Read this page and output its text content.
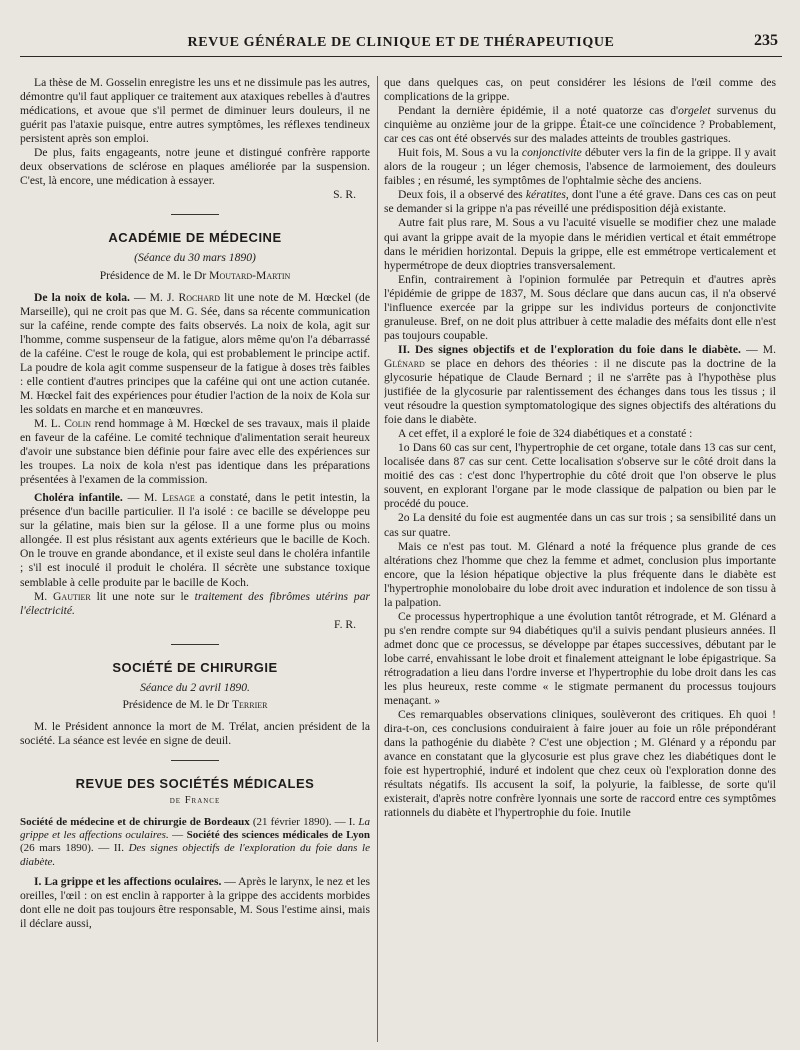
REVUE GÉNÉRALE DE CLINIQUE ET DE THÉRAPEUTIQUE	235

La thèse de M. Gosselin enregistre les uns et ne dissimule pas les autres, démontre qu'il faut appliquer ce traitement aux ataxiques rebelles à d'autres médications, et avoue que s'il permet de diminuer leurs douleurs, il ne guérit pas l'ataxie puisque, entre autres symptômes, les réflexes tendineux persistent après son emploi.

De plus, faits engageants, notre jeune et distingué confrère rapporte deux observations de sclérose en plaques améliorée par la suspension. C'est, là encore, une médication à essayer.

S. R.

ACADÉMIE DE MÉDECINE
(Séance du 30 mars 1890)
Présidence de M. le Dr Moutard-Martin

De la noix de kola. — M. J. Rochard lit une note de M. Hœckel (de Marseille), qui ne croit pas que M. G. Sée, dans sa récente communication sur la caféine, rende compte des faits observés. La noix de kola, agit sur l'homme, comme suspenseur de la fatigue, alors même qu'on l'a débarrassé de la caféine. C'est le rouge de kola, qui est probablement le principe actif. La poudre de kola agit comme suspenseur de la fatigue à doses très faibles : elle contient d'autres principes que la caféine qui ont une action cutanée. M. Hœckel fait des expériences pour étudier l'action de la noix de Kola sur les soldats en marche et en manœuvres.

M. L. Colin rend hommage à M. Hœckel de ses travaux, mais il plaide en faveur de la caféine. Le comité technique d'alimentation serait heureux d'avoir une substance bien définie pour faire avec elle des expériences sur les troupes. La noix de kola n'est pas identique dans les préparations présentées à l'examen de la commission.

Choléra infantile. — M. Lesage a constaté, dans le petit intestin, la présence d'un bacille particulier. Il l'a isolé : ce bacille se développe peu sur la gélatine, mais bien sur la gélose. Il a une forme plus ou moins allongée. Il est plus résistant aux agents extérieurs que le bacille de Koch. On le trouve en grande abondance, et il existe seul dans le choléra infantile ; s'il est inoculé il produit le choléra. Il sécrète une substance toxique semblable à celle produite par le bacille de Koch.

M. Gautier lit une note sur le traitement des fibrômes utérins par l'électricité.

F. R.

SOCIÉTÉ DE CHIRURGIE
Séance du 2 avril 1890.
Présidence de M. le Dr Terrier

M. le Président annonce la mort de M. Trélat, ancien président de la société. La séance est levée en signe de deuil.

REVUE DES SOCIÉTÉS MÉDICALES
de France

Société de médecine et de chirurgie de Bordeaux (21 février 1890). — I. La grippe et les affections oculaires. — Société des sciences médicales de Lyon (26 mars 1890). — II. Des signes objectifs de l'exploration du foie dans le diabète.

I. La grippe et les affections oculaires. — Après le larynx, le nez et les oreilles, l'œil : on est enclin à rapporter à la grippe des accidents morbides dont elle ne doit pas toujours être responsable, M. Sous l'estime ainsi, mais il déclare aussi,

que dans quelques cas, on peut considérer les lésions de l'œil comme des complications de la grippe.

Pendant la dernière épidémie, il a noté quatorze cas d'orgelet survenus du cinquième au onzième jour de la grippe. Était-ce une coïncidence ? Probablement, car ces cas ont été observés sur des malades atteints de troubles gastriques.

Huit fois, M. Sous a vu la conjonctivite débuter vers la fin de la grippe. Il y avait alors de la rougeur ; un léger chemosis, l'absence de larmoiement, des douleurs faibles ; en résumé, les symptômes de l'ophtalmie sèche des anciens.

Deux fois, il a observé des kératites, dont l'une a été grave. Dans ces cas on peut se demander si la grippe n'a pas réveillé une prédisposition déjà existante.

Autre fait plus rare, M. Sous a vu l'acuité visuelle se modifier chez une malade qui avant la grippe avait de la myopie dans le méridien vertical et était emmétrope dans le méridien horizontal. Depuis la grippe, elle est emmétrope verticalement et hypermétrope de deux dioptries transversalement.

Enfin, contrairement à l'opinion formulée par Petrequin et d'autres après l'épidémie de grippe de 1837, M. Sous déclare que dans aucun cas, il n'a observé l'influence exercée par la grippe sur les individus porteurs de conjonctivite granuleuse. Bref, on ne doit plus attribuer à cette maladie des méfaits dont elle n'est pas toujours coupable.

II. Des signes objectifs et de l'exploration du foie dans le diabète. — M. Glénard se place en dehors des théories : il ne discute pas la doctrine de la glycosurie hépatique de Claude Bernard ; il ne s'arrête pas à l'hypothèse plus justifiée de la glycosurie par ralentissement des échanges dans tous les tissus ; il veut résoudre la question symptomatologique des signes objectifs des altérations du foie dans le diabète.

A cet effet, il a exploré le foie de 324 diabétiques et a constaté :

1o Dans 60 cas sur cent, l'hypertrophie de cet organe, totale dans 13 cas sur cent, localisée dans 87 cas sur cent. Cette localisation s'observe sur le côté droit dans la moitié des cas : c'est donc l'hypertrophie du côté droit que l'on observe le plus souvent, en explorant l'organe par le mode classique de palpation ou bien par le procédé du pouce.

2o La densité du foie est augmentée dans un cas sur trois ; sa sensibilité dans un cas sur quatre.

Mais ce n'est pas tout. M. Glénard a noté la fréquence plus grande de ces altérations chez l'homme que chez la femme et admet, conclusion plus importante encore, que la lésion hépatique objective la plus fréquente dans le diabète est l'hypertrophie monolobaire du lobe droit avec induration et indolence de son tissu à la palpation.

Ce processus hypertrophique a une évolution tantôt rétrograde, et M. Glénard a pu s'en rendre compte sur 94 diabétiques qu'il a suivis pendant plusieurs années. Il admet donc que ce processus, se développe par étapes successives, débutant par le lobe carré, envahissant le lobe droit et finalement atteignant le lobe épigastrique. Sa rétrogradation a lieu dans l'ordre inverse et l'hypertrophie du lobe droit dans les cas les plus heureux, reste comme « le stigmate permanent du processus toujours menaçant. »

Ces remarquables observations cliniques, soulèveront des critiques. Eh quoi ! dira-t-on, ces conclusions conduiraient à faire jouer au foie un rôle prépondérant dans la pathogénie du diabète ? C'est une objection ; M. Glénard y a répondu par avance en constatant que la glycosurie est plus grave chez les diabétiques dont le foie est hypertrophié, induré et indolent que chez ceux où l'exploration donne des résultats négatifs. Ils accusent la soif, la polyurie, la faiblesse, de sorte qu'il existerait, d'après notre confrère lyonnais une sorte de raccord entre ces symptômes rationnels du diabète et l'hypertrophie du foie. Inutile
